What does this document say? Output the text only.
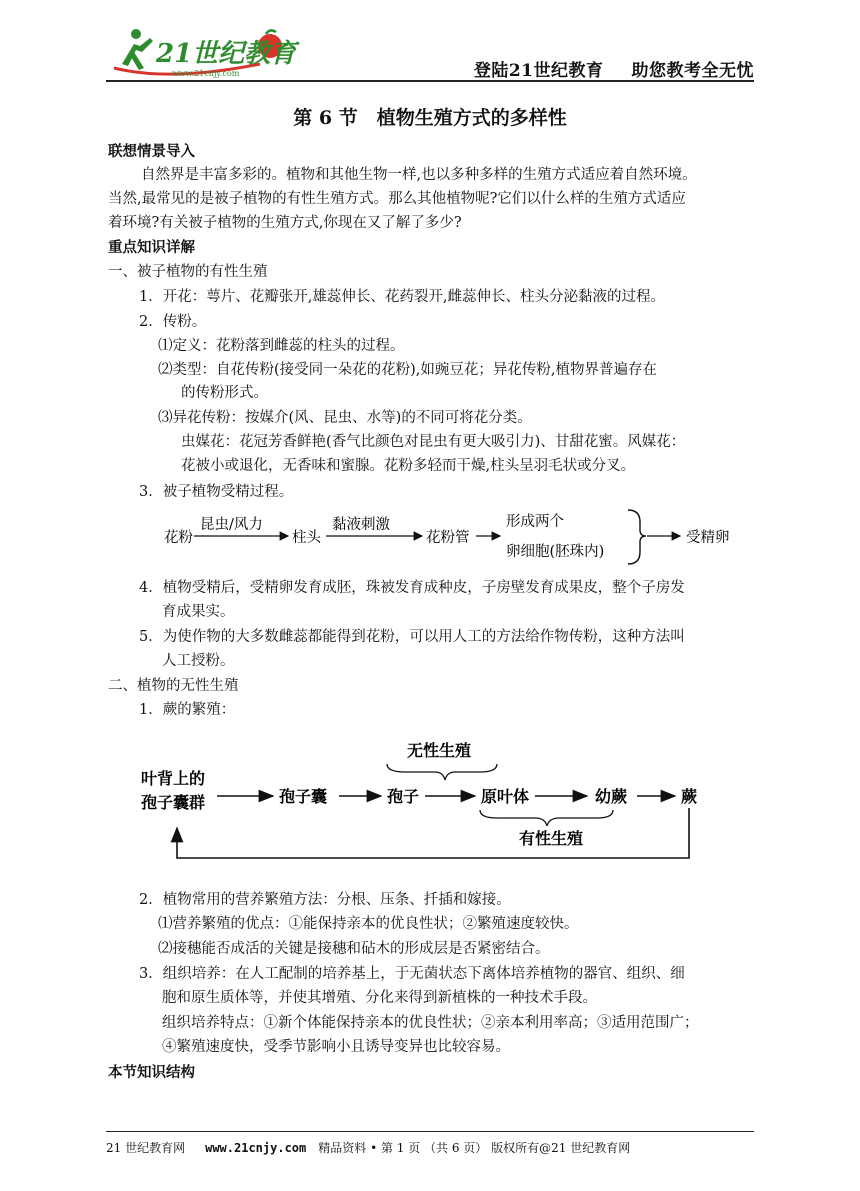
21世纪教育
www.21cnjy.com	登陆21世纪教育 助您教考全无忧
第 6 节　植物生殖方式的多样性
联想情景导入
自然界是丰富多彩的。植物和其他生物一样,也以多种多样的生殖方式适应着自然环境。
当然,最常见的是被子植物的有性生殖方式。那么其他植物呢?它们以什么样的生殖方式适应
着环境?有关被子植物的生殖方式,你现在又了解了多少?
重点知识详解
一、被子植物的有性生殖
1．开花：萼片、花瓣张开,雄蕊伸长、花药裂开,雌蕊伸长、柱头分泌黏液的过程。
2．传粉。
⑴定义：花粉落到雌蕊的柱头的过程。
⑵类型：自花传粉(接受同一朵花的花粉),如豌豆花；异花传粉,植物界普遍存在
的传粉形式。
⑶异花传粉：按媒介(风、昆虫、水等)的不同可将花分类。
虫媒花：花冠芳香鲜艳(香气比颜色对昆虫有更大吸引力)、甘甜花蜜。风媒花：
花被小或退化，无香味和蜜腺。花粉多轻而干燥,柱头呈羽毛状或分叉。
3．被子植物受精过程。
花粉
昆虫/风力
柱头
黏液刺激
花粉管
形成两个
卵细胞(胚珠内)
受精卵
4．植物受精后，受精卵发育成胚，珠被发育成种皮，子房壁发育成果皮，整个子房发
育成果实。
5．为使作物的大多数雌蕊都能得到花粉，可以用人工的方法给作物传粉，这种方法叫
人工授粉。
二、植物的无性生殖
1．蕨的繁殖：
无性生殖
叶背上的
孢子囊群	孢子囊	孢子	原叶体	幼蕨	蕨
有性生殖
2．植物常用的营养繁殖方法：分根、压条、扦插和嫁接。
⑴营养繁殖的优点：①能保持亲本的优良性状；②繁殖速度较快。
⑵接穗能否成活的关键是接穗和砧木的形成层是否紧密结合。
3．组织培养：在人工配制的培养基上，于无菌状态下离体培养植物的器官、组织、细
胞和原生质体等，并使其增殖、分化来得到新植株的一种技术手段。
组织培养特点：①新个体能保持亲本的优良性状；②亲本利用率高；③适用范围广；
④繁殖速度快，受季节影响小且诱导变异也比较容易。
本节知识结构
21 世纪教育网 www.21cnjy.com 精品资料 • 第 1 页 （共 6 页） 版权所有@21 世纪教育网
